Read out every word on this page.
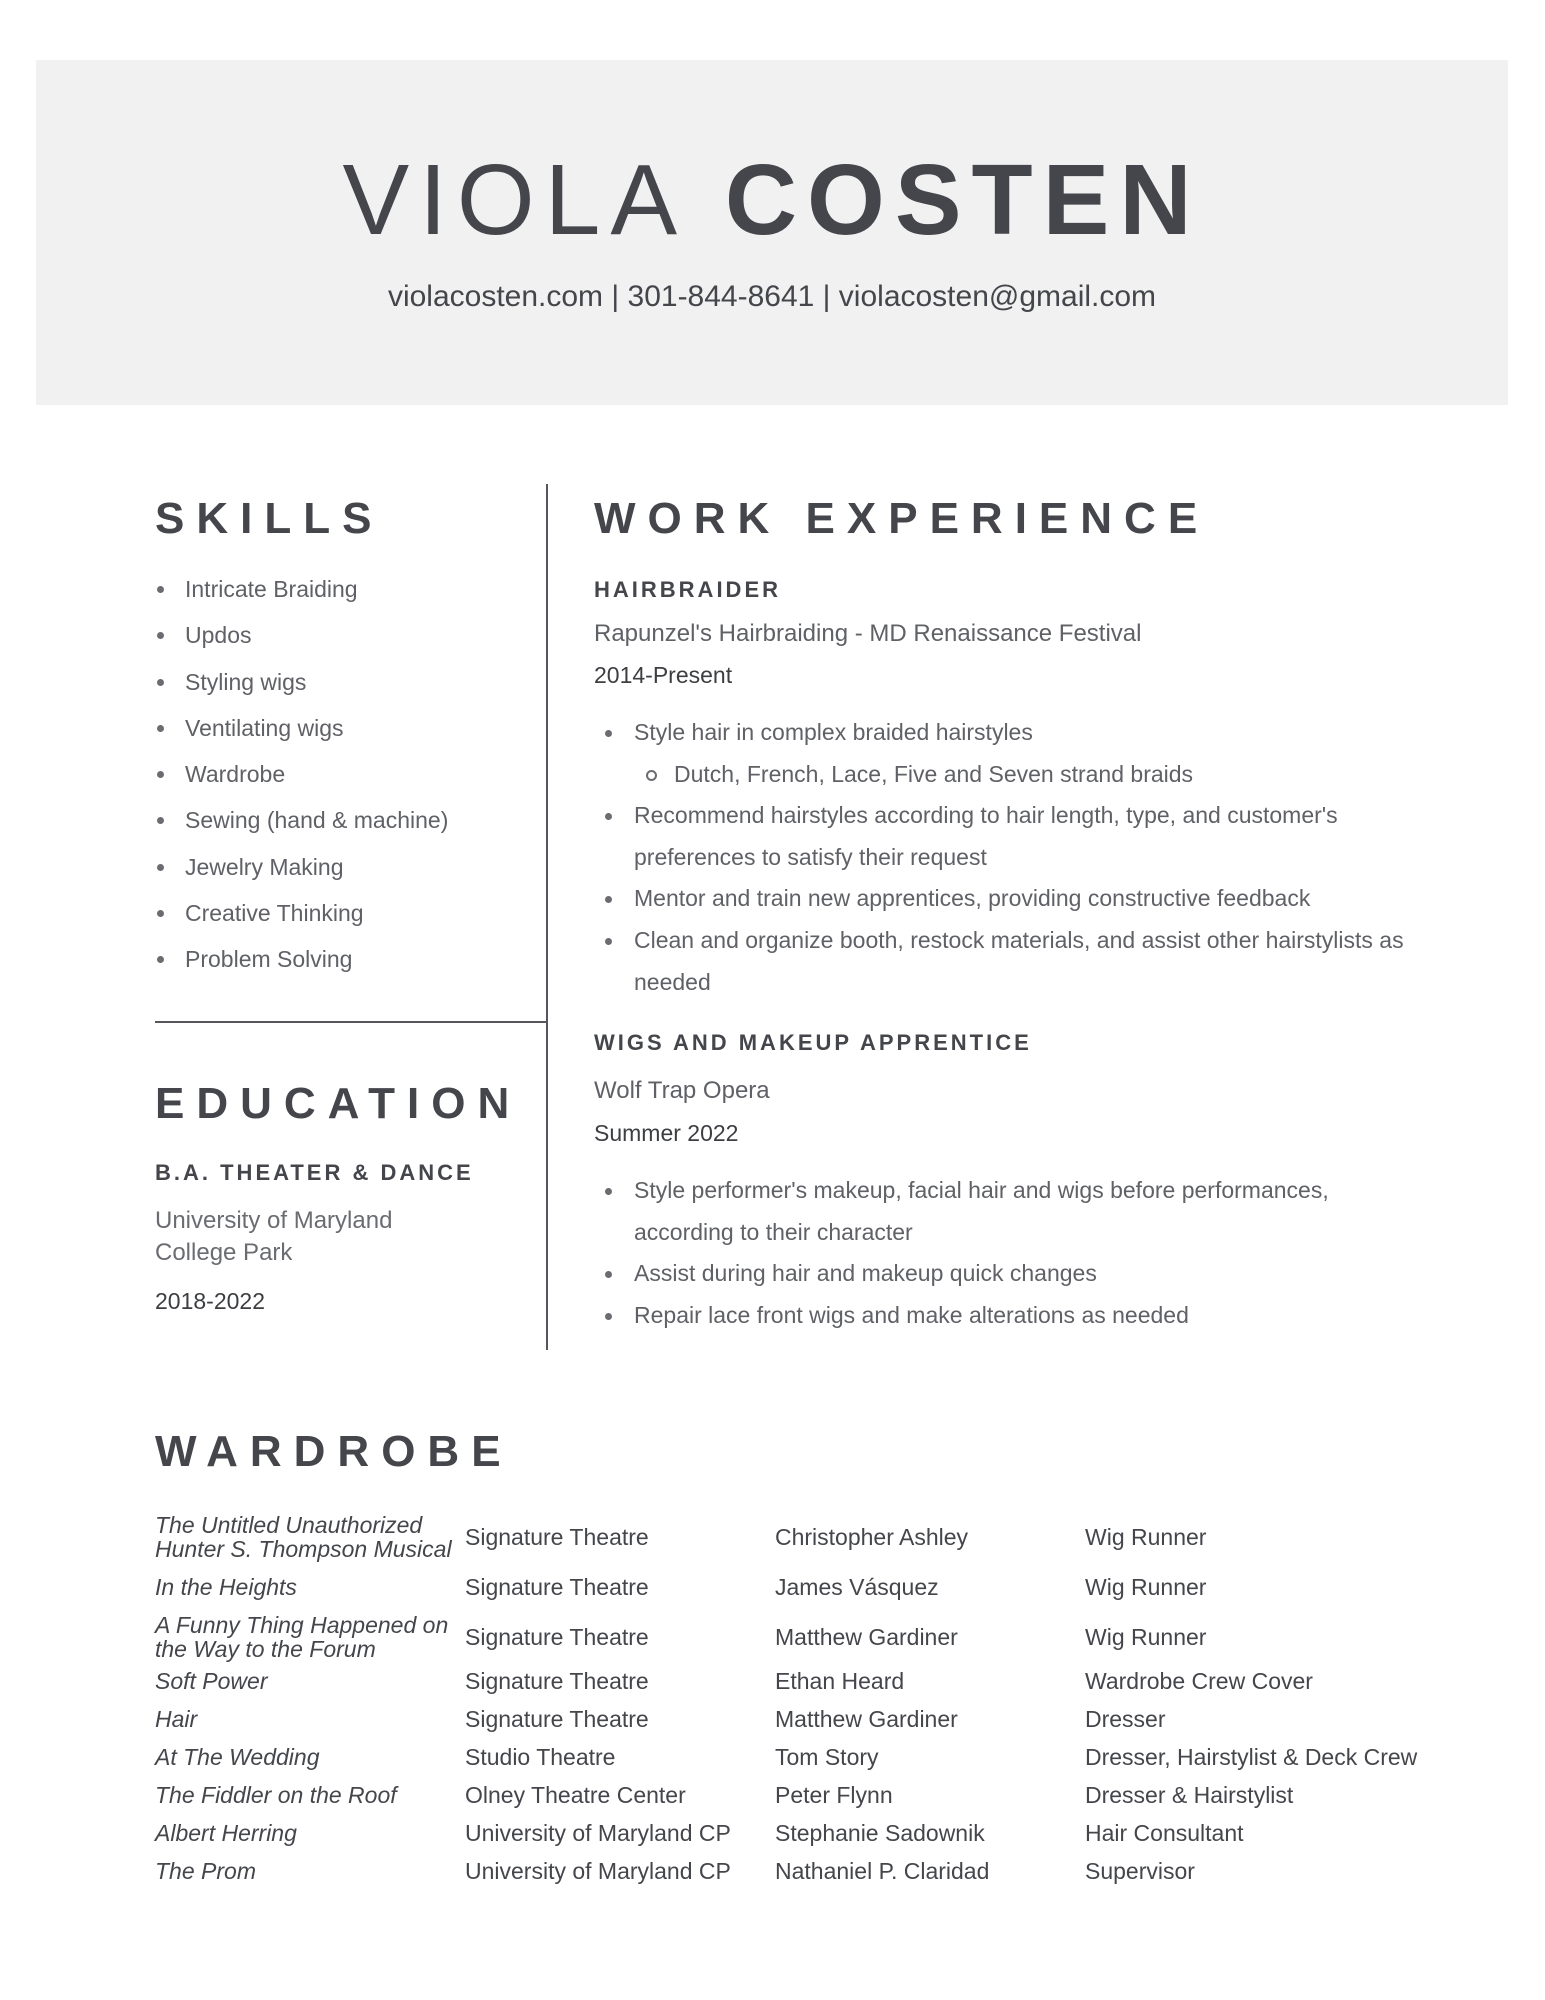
VIOLA COSTEN
violacosten.com | 301-844-8641 | violacosten@gmail.com
SKILLS
Intricate Braiding
Updos
Styling wigs
Ventilating wigs
Wardrobe
Sewing (hand & machine)
Jewelry Making
Creative Thinking
Problem Solving
EDUCATION
B.A. THEATER & DANCE
University of Maryland
College Park
2018-2022
WORK EXPERIENCE
HAIRBRAIDER
Rapunzel's Hairbraiding - MD Renaissance Festival
2014-Present
Style hair in complex braided hairstyles
Dutch, French, Lace, Five and Seven strand braids
Recommend hairstyles according to hair length, type, and customer's preferences to satisfy their request
Mentor and train new apprentices, providing constructive feedback
Clean and organize booth, restock materials, and assist other hairstylists as needed
WIGS AND MAKEUP APPRENTICE
Wolf Trap Opera
Summer 2022
Style performer's makeup, facial hair and wigs before performances, according to their character
Assist during hair and makeup quick changes
Repair lace front wigs and make alterations as needed
WARDROBE
The Untitled Unauthorized Hunter S. Thompson Musical	Signature Theatre	Christopher Ashley	Wig Runner
In the Heights	Signature Theatre	James Vásquez	Wig Runner
A Funny Thing Happened on the Way to the Forum	Signature Theatre	Matthew Gardiner	Wig Runner
Soft Power	Signature Theatre	Ethan Heard	Wardrobe Crew Cover
Hair	Signature Theatre	Matthew Gardiner	Dresser
At The Wedding	Studio Theatre	Tom Story	Dresser, Hairstylist & Deck Crew
The Fiddler on the Roof	Olney Theatre Center	Peter Flynn	Dresser & Hairstylist
Albert Herring	University of Maryland CP	Stephanie Sadownik	Hair Consultant
The Prom	University of Maryland CP	Nathaniel P. Claridad	Supervisor
